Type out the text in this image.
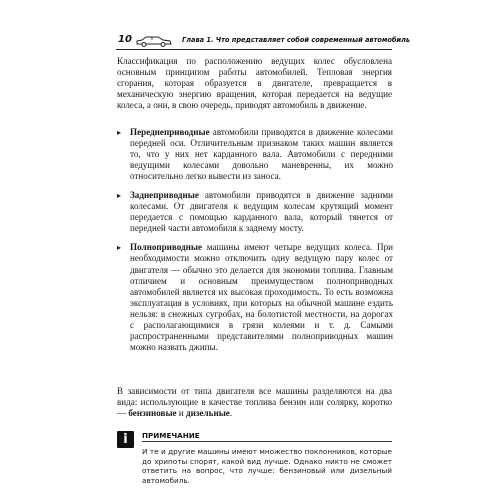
10	Глава 1. Что представляет собой современный автомобиль

Классификация по расположению ведущих колес обусловлена основным принципом работы автомобилей. Тепловая энергия сгорания, которая образуется в двигателе, превращается в механическую энергию вращения, которая передается на ведущие колеса, а они, в свою очередь, приводят автомобиль в движение.

▸ Переднеприводные автомобили приводятся в движение колесами передней оси. Отличительным признаком таких машин является то, что у них нет карданного вала. Автомобили с передними ведущими колесами довольно маневренны, их можно относительно легко вывести из заноса.
▸ Заднеприводные автомобили приводятся в движение задними колесами. От двигателя к ведущим колесам крутящий момент передается с помощью карданного вала, который тянется от передней части автомобиля к заднему мосту.
▸ Полноприводные машины имеют четыре ведущих колеса. При необходимости можно отключить одну ведущую пару колес от двигателя — обычно это делается для экономии топлива. Главным отличием и основным преимуществом полноприводных автомобилей является их высокая проходимость. То есть возможна эксплуатация в условиях, при которых на обычной машине ездить нельзя: в снежных сугробах, на болотистой местности, на дорогах с располагающимися в грязи колеями и т. д. Самыми распространенными представителями полноприводных машин можно назвать джипы.

В зависимости от типа двигателя все машины разделяются на два вида: использующие в качестве топлива бензин или солярку, коротко — бензиновые и дизельные.

i	ПРИМЕЧАНИЕ

И те и другие машины имеют множество поклонников, которые до хрипоты спорят, какой вид лучше. Однако никто не сможет ответить на вопрос, что лучше: бензиновый или дизельный автомобиль.
